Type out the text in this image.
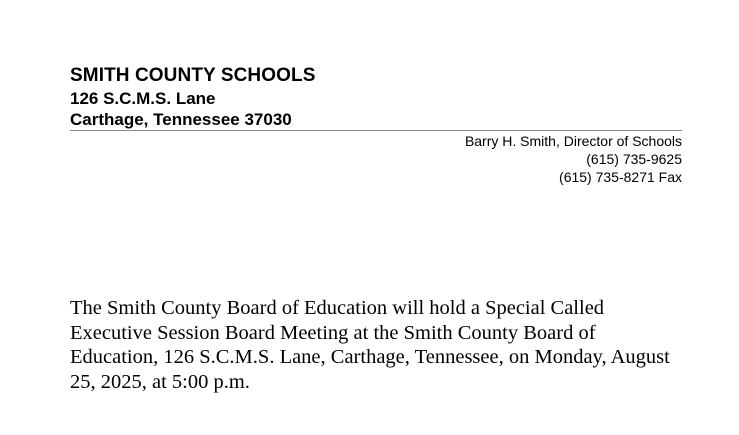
SMITH COUNTY SCHOOLS

126 S.C.M.S. Lane

Carthage, Tennessee 37030

Barry H. Smith, Director of Schools
(615) 735-9625
(615) 735-8271 Fax

The Smith County Board of Education will hold a Special Called Executive Session Board Meeting at the Smith County Board of Education, 126 S.C.M.S. Lane, Carthage, Tennessee, on Monday, August 25, 2025, at 5:00 p.m.
